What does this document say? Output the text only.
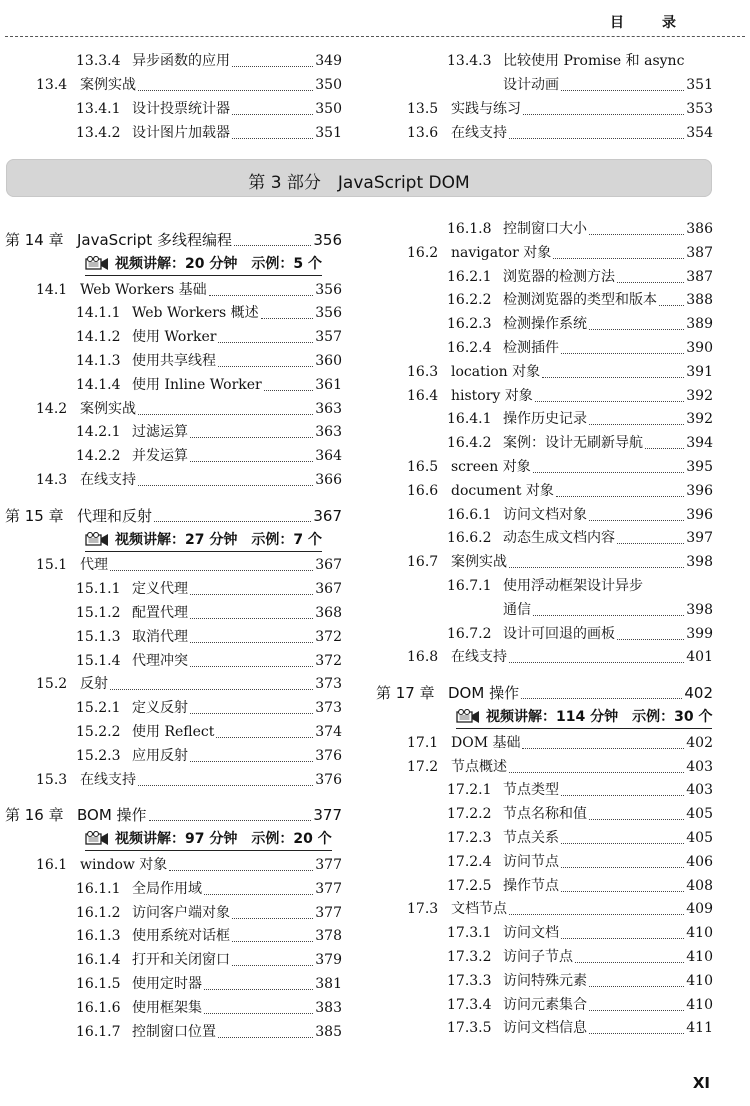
目录
13.3.4 异步函数的应用	349
13.4 案例实战	350
13.4.1 设计投票统计器	350
13.4.2 设计图片加载器	351
13.4.3 比较使用 Promise 和 async
设计动画	351
13.5 实践与练习	353
13.6 在线支持	354
第 3 部分　JavaScript DOM
第 14 章 JavaScript 多线程编程	356
视频讲解：20 分钟　示例：5 个
14.1 Web Workers 基础	356
14.1.1 Web Workers 概述	356
14.1.2 使用 Worker	357
14.1.3 使用共享线程	360
14.1.4 使用 Inline Worker	361
14.2 案例实战	363
14.2.1 过滤运算	363
14.2.2 并发运算	364
14.3 在线支持	366
第 15 章 代理和反射	367
视频讲解：27 分钟　示例：7 个
15.1 代理	367
15.1.1 定义代理	367
15.1.2 配置代理	368
15.1.3 取消代理	372
15.1.4 代理冲突	372
15.2 反射	373
15.2.1 定义反射	373
15.2.2 使用 Reflect	374
15.2.3 应用反射	376
15.3 在线支持	376
第 16 章 BOM 操作	377
视频讲解：97 分钟　示例：20 个
16.1 window 对象	377
16.1.1 全局作用域	377
16.1.2 访问客户端对象	377
16.1.3 使用系统对话框	378
16.1.4 打开和关闭窗口	379
16.1.5 使用定时器	381
16.1.6 使用框架集	383
16.1.7 控制窗口位置	385
16.1.8 控制窗口大小	386
16.2 navigator 对象	387
16.2.1 浏览器的检测方法	387
16.2.2 检测浏览器的类型和版本 388
16.2.3 检测操作系统	389
16.2.4 检测插件	390
16.3 location 对象	391
16.4 history 对象	392
16.4.1 操作历史记录	392
16.4.2 案例：设计无刷新导航	394
16.5 screen 对象	395
16.6 document 对象	396
16.6.1 访问文档对象	396
16.6.2 动态生成文档内容	397
16.7 案例实战	398
16.7.1 使用浮动框架设计异步
通信	398
16.7.2 设计可回退的画板	399
16.8 在线支持	401
第 17 章 DOM 操作	402
视频讲解：114 分钟　示例：30 个
17.1 DOM 基础	402
17.2 节点概述	403
17.2.1 节点类型	403
17.2.2 节点名称和值	405
17.2.3 节点关系	405
17.2.4 访问节点	406
17.2.5 操作节点	408
17.3 文档节点	409
17.3.1 访问文档	410
17.3.2 访问子节点	410
17.3.3 访问特殊元素	410
17.3.4 访问元素集合	410
17.3.5 访问文档信息	411
XI
